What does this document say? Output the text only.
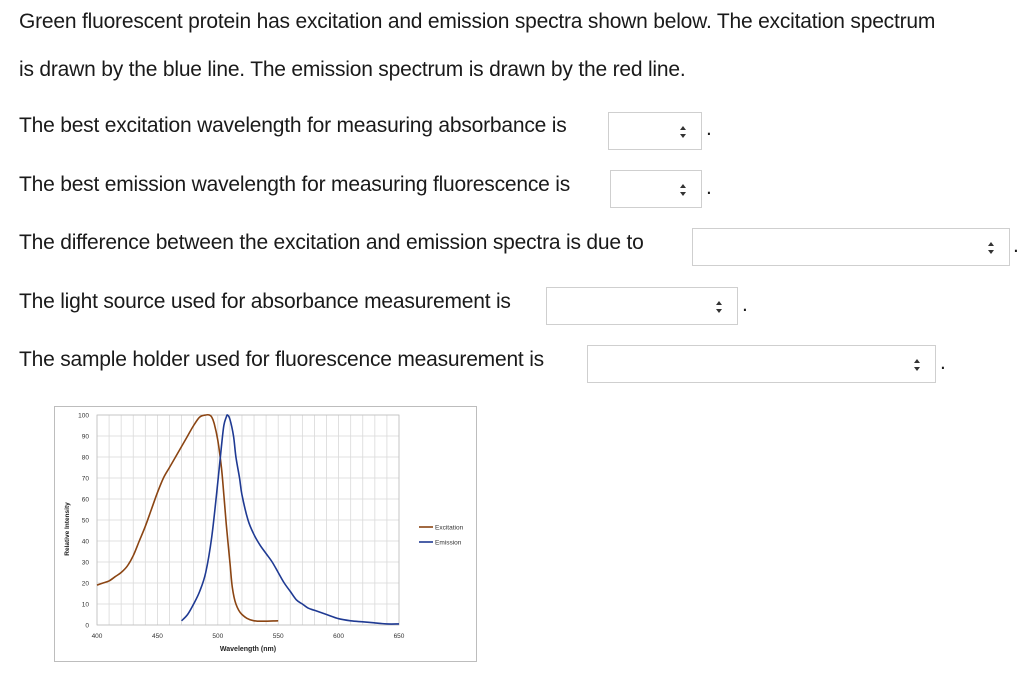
Green fluorescent protein has excitation and emission spectra shown below. The excitation spectrum
is drawn by the blue line. The emission spectrum is drawn by the red line.
The best excitation wavelength for measuring absorbance is	.
The best emission wavelength for measuring fluorescence is	.
The difference between the excitation and emission spectra is due to	.
The light source used for absorbance measurement is	.
The sample holder used for fluorescence measurement is	.
0
10
20
30
40
50
60
70
80
90
100
400	450	500	550	600	650
Excitation
Emission
Relative Intensity
Wavelength (nm)
